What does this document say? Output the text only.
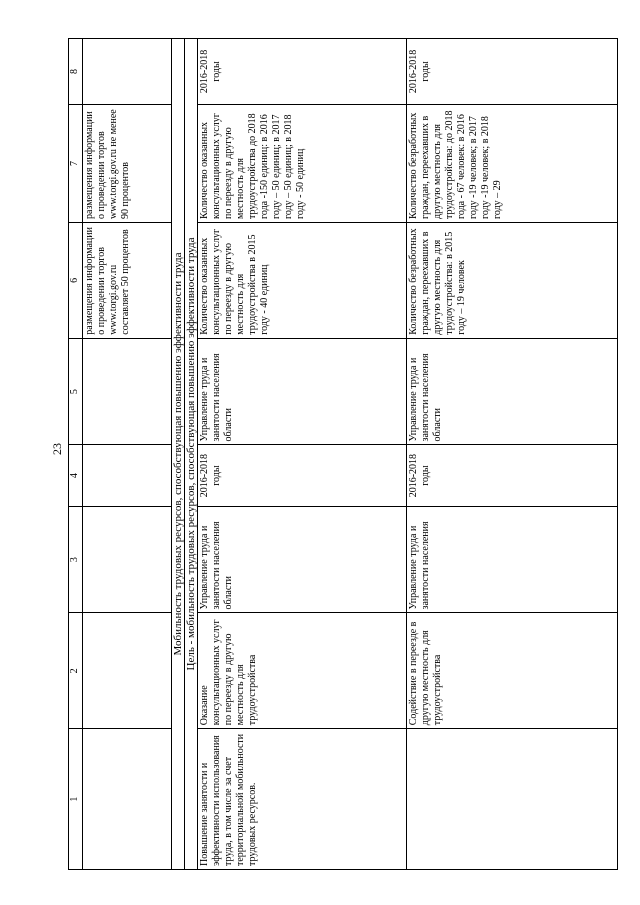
23
1	2	3	4	5	6	7	8
					размещения информации о проведении торгов www.torgi.gov.ru составляет 50 процентов	размещения информации о проведении торгов www.torgi.gov.ru не менее 90 процентов	
Мобильность трудовых ресурсов, способствующая повышению эффективности труда							
Цель - мобильность трудовых ресурсов, способствующая повышению эффективности труда							
Повышение занятости и эффективности использования труда, в том числе за счет территориальной мобильности трудовых ресурсов.	Оказание консультационных услуг по переезду в другую местность для трудоустройства	Управление труда и занятости населения области	2016-2018 годы	Управление труда и занятости населения области	Количество оказанных консультационных услуг по переезду в другую местность для трудоустройства в 2015 году - 40 единиц	Количество оказанных консультационных услуг по переезду в другую местность для трудоустройства до 2018 года -150 единиц: в 2016 году – 50 единиц; в 2017 году – 50 единиц; в 2018 году - 50 единиц	2016-2018 годы
	Содействие в переезде в другую местность для трудоустройства	Управление труда и занятости населения	2016-2018 годы	Управление труда и занятости населения области	Количество безработных граждан, переехавших в другую местность для трудоустройства: в 2015 году – 19 человек	Количество безработных граждан, переехавших в другую местность для трудоустройства: до 2018 года - 67 человек: в 2016 году -19 человек; в 2017 году -19 человек; в 2018 году – 29	2016-2018 годы
